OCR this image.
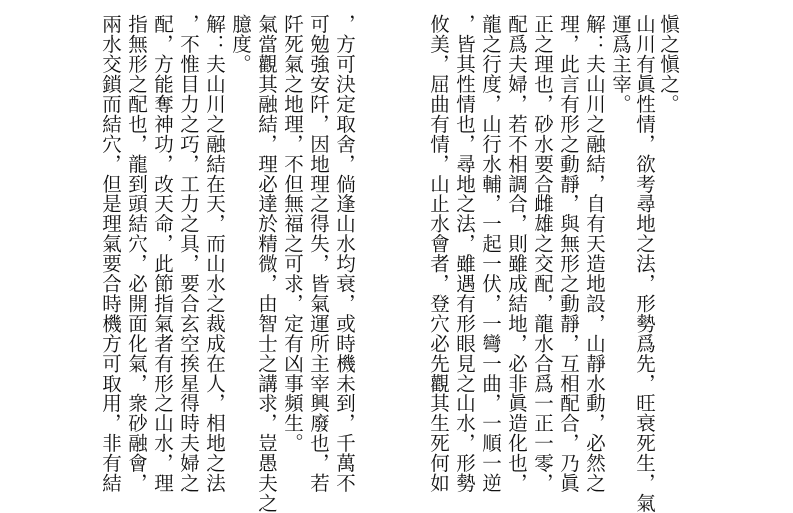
愼之愼之。
山川有眞性情，欲考尋地之法，形勢爲先，旺衰死生，氣
運爲主宰。
解：夫山川之融結，自有天造地設，山靜水動，必然之
理，此言有形之動靜，與無形之動靜，互相配合，乃眞
正之理也，砂水要合雌雄之交配，龍水合爲一正一零，
配爲夫婦，若不相調合，則雖成結地，必非眞造化也，
龍之行度，山行水輔，一起一伏，一彎一曲，一順一逆
，皆其性情也，尋地之法，雖遇有形眼見之山水，形勢
攸美，屈曲有情，山止水會者，登穴必先觀其生死何如
，方可決定取舍，倘逢山水均衰，或時機未到，千萬不
可勉強安阡，因地理之得失，皆氣運所主宰興廢也，若
阡死氣之地理，不但無福之可求，定有凶事頻生。
氣當觀其融結，理必達於精微，由智士之講求，豈愚夫之
臆度。
解：夫山川之融結在天，而山水之裁成在人，相地之法
，不惟目力之巧，工力之具，要合玄空挨星得時夫婦之
配，方能奪神功，改天命，此節指氣者有形之山水，理
指無形之配也，龍到頭結穴，必開面化氣，衆砂融會，
兩水交鎖而結穴，但是理氣要合時機方可取用，非有結
